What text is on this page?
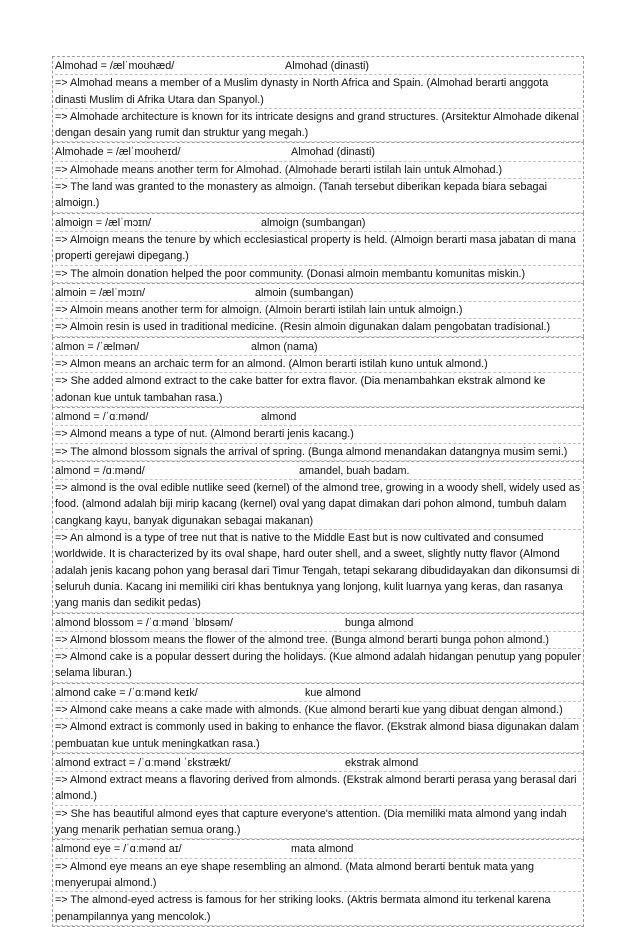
Almohad = /ælˈmoʊhæd/	Almohad (dinasti)

=> Almohad means a member of a Muslim dynasty in North Africa and Spain. (Almohad berarti anggota dinasti Muslim di Afrika Utara dan Spanyol.)

=> Almohade architecture is known for its intricate designs and grand structures. (Arsitektur Almohade dikenal dengan desain yang rumit dan struktur yang megah.)

Almohade = /ælˈmoʊheɪd/	Almohad (dinasti)

=> Almohade means another term for Almohad. (Almohade berarti istilah lain untuk Almohad.)

=> The land was granted to the monastery as almoign. (Tanah tersebut diberikan kepada biara sebagai almoign.)

almoign = /ælˈmɔɪn/	almoign (sumbangan)

=> Almoign means the tenure by which ecclesiastical property is held. (Almoign berarti masa jabatan di mana properti gerejawi dipegang.)

=> The almoin donation helped the poor community. (Donasi almoin membantu komunitas miskin.)

almoin = /ælˈmɔɪn/	almoin (sumbangan)

=> Almoin means another term for almoign. (Almoin berarti istilah lain untuk almoign.)

=> Almoin resin is used in traditional medicine. (Resin almoin digunakan dalam pengobatan tradisional.)

almon = /ˈælmən/	almon (nama)

=> Almon means an archaic term for an almond. (Almon berarti istilah kuno untuk almond.)

=> She added almond extract to the cake batter for extra flavor. (Dia menambahkan ekstrak almond ke adonan kue untuk tambahan rasa.)

almond = /ˈɑːmənd/	almond

=> Almond means a type of nut. (Almond berarti jenis kacang.)

=> The almond blossom signals the arrival of spring. (Bunga almond menandakan datangnya musim semi.)

almond = /ɑːmənd/	amandel, buah badam.

=> almond is the oval edible nutlike seed (kernel) of the almond tree, growing in a woody shell, widely used as food. (almond adalah biji mirip kacang (kernel) oval yang dapat dimakan dari pohon almond, tumbuh dalam cangkang kayu, banyak digunakan sebagai makanan)

=> An almond is a type of tree nut that is native to the Middle East but is now cultivated and consumed worldwide. It is characterized by its oval shape, hard outer shell, and a sweet, slightly nutty flavor (Almond adalah jenis kacang pohon yang berasal dari Timur Tengah, tetapi sekarang dibudidayakan dan dikonsumsi di seluruh dunia. Kacang ini memiliki ciri khas bentuknya yang lonjong, kulit luarnya yang keras, dan rasanya yang manis dan sedikit pedas)

almond blossom = /ˈɑːmənd ˈblɒsəm/	bunga almond

=> Almond blossom means the flower of the almond tree. (Bunga almond berarti bunga pohon almond.)

=> Almond cake is a popular dessert during the holidays. (Kue almond adalah hidangan penutup yang populer selama liburan.)

almond cake = /ˈɑːmənd keɪk/	kue almond

=> Almond cake means a cake made with almonds. (Kue almond berarti kue yang dibuat dengan almond.)

=> Almond extract is commonly used in baking to enhance the flavor. (Ekstrak almond biasa digunakan dalam pembuatan kue untuk meningkatkan rasa.)

almond extract = /ˈɑːmənd ˈɛkstrækt/	ekstrak almond

=> Almond extract means a flavoring derived from almonds. (Ekstrak almond berarti perasa yang berasal dari almond.)

=> She has beautiful almond eyes that capture everyone's attention. (Dia memiliki mata almond yang indah yang menarik perhatian semua orang.)

almond eye = /ˈɑːmənd aɪ/	mata almond

=> Almond eye means an eye shape resembling an almond. (Mata almond berarti bentuk mata yang menyerupai almond.)

=> The almond-eyed actress is famous for her striking looks. (Aktris bermata almond itu terkenal karena penampilannya yang mencolok.)
